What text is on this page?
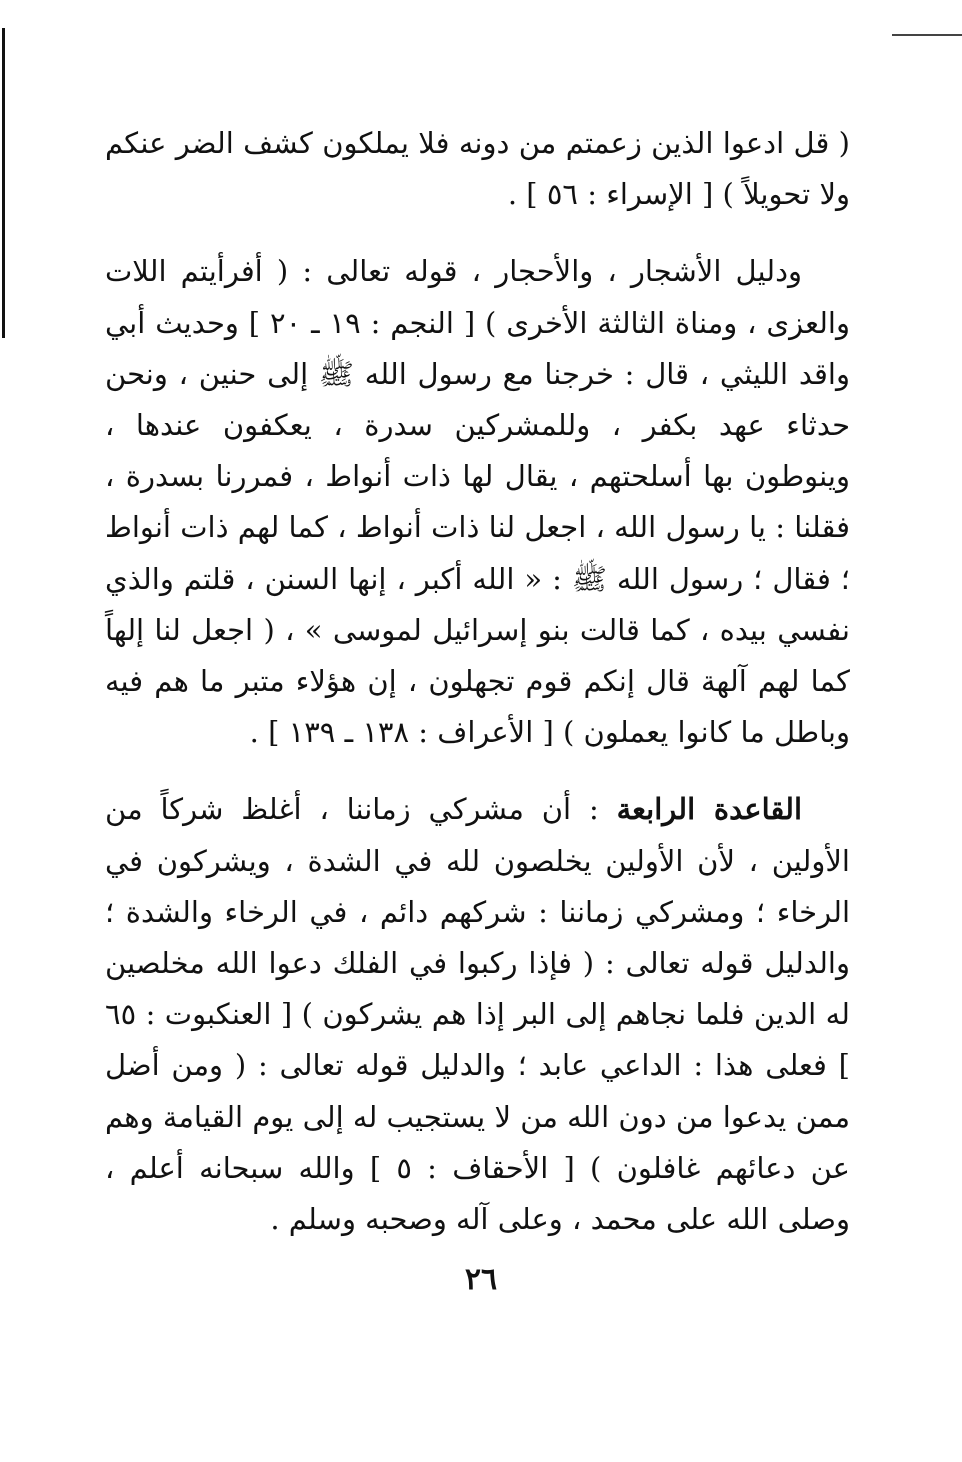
( قل ادعوا الذين زعمتم من دونه فلا يملكون كشف الضر عنكم ولا تحويلاً ) [ الإسراء : ٥٦ ] .

ودليل الأشجار ، والأحجار ، قوله تعالى : ( أفرأيتم اللات والعزى ، ومناة الثالثة الأخرى ) [ النجم : ١٩ ـ ٢٠ ] وحديث أبي واقد الليثي ، قال : خرجنا مع رسول الله ﷺ إلى حنين ، ونحن حدثاء عهد بكفر ، وللمشركين سدرة ، يعكفون عندها ، وينوطون بها أسلحتهم ، يقال لها ذات أنواط ، فمررنا بسدرة ، فقلنا : يا رسول الله ، اجعل لنا ذات أنواط ، كما لهم ذات أنواط ؛ فقال ؛ رسول الله ﷺ : « الله أكبر ، إنها السنن ، قلتم والذي نفسي بيده ، كما قالت بنو إسرائيل لموسى » ، ( اجعل لنا إلهاً كما لهم آلهة قال إنكم قوم تجهلون ، إن هؤلاء متبر ما هم فيه وباطل ما كانوا يعملون ) [ الأعراف : ١٣٨ ـ ١٣٩ ] .

القاعدة الرابعة : أن مشركي زماننا ، أغلظ شركاً من الأولين ، لأن الأولين يخلصون لله في الشدة ، ويشركون في الرخاء ؛ ومشركي زماننا : شركهم دائم ، في الرخاء والشدة ؛ والدليل قوله تعالى : ( فإذا ركبوا في الفلك دعوا الله مخلصين له الدين فلما نجاهم إلى البر إذا هم يشركون ) [ العنكبوت : ٦٥ ] فعلى هذا : الداعي عابد ؛ والدليل قوله تعالى : ( ومن أضل ممن يدعوا من دون الله من لا يستجيب له إلى يوم القيامة وهم عن دعائهم غافلون ) [ الأحقاف : ٥ ] والله سبحانه أعلم ، وصلى الله على محمد ، وعلى آله وصحبه وسلم .

٢٦
